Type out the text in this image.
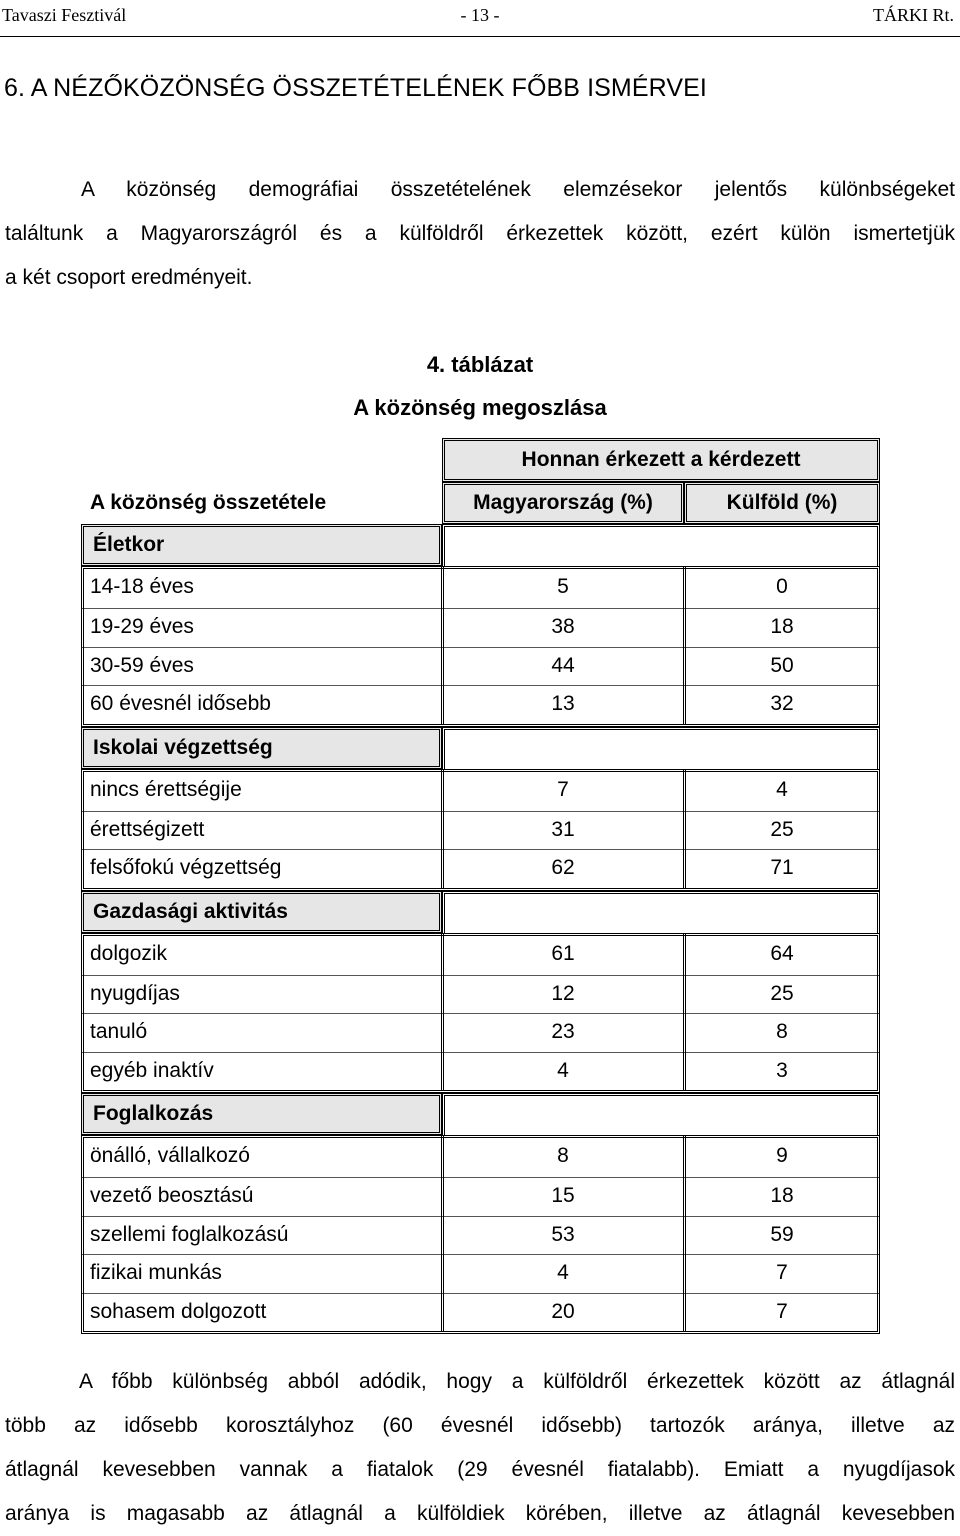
Tavaszi Fesztivál	- 13 -	TÁRKI Rt.
6. A NÉZŐKÖZÖNSÉG ÖSSZETÉTELÉNEK FŐBB ISMÉRVEI

A közönség demográfiai összetételének elemzésekor jelentős különbségeket

találtunk a Magyarországról és a külföldről érkezettek között, ezért külön ismertetjük

a két csoport eredményeit.

4. táblázat
A közönség megoszlása
Honnan érkezett a kérdezett
A közönség összetétele	Magyarország (%)	Külföld (%)
Életkor
14-18 éves	5	0
19-29 éves	38	18
30-59 éves	44	50
60 évesnél idősebb	13	32
Iskolai végzettség
nincs érettségije	7	4
érettségizett	31	25
felsőfokú végzettség	62	71
Gazdasági aktivitás
dolgozik	61	64
nyugdíjas	12	25
tanuló	23	8
egyéb inaktív	4	3
Foglalkozás
önálló, vállalkozó	8	9
vezető beosztású	15	18
szellemi foglalkozású	53	59
fizikai munkás	4	7
sohasem dolgozott	20	7

A főbb különbség abból adódik, hogy a külföldről érkezettek között az átlagnál

több az idősebb korosztályhoz (60 évesnél idősebb) tartozók aránya, illetve az

átlagnál kevesebben vannak a fiatalok (29 évesnél fiatalabb). Emiatt a nyugdíjasok

aránya is magasabb az átlagnál a külföldiek körében, illetve az átlagnál kevesebben
